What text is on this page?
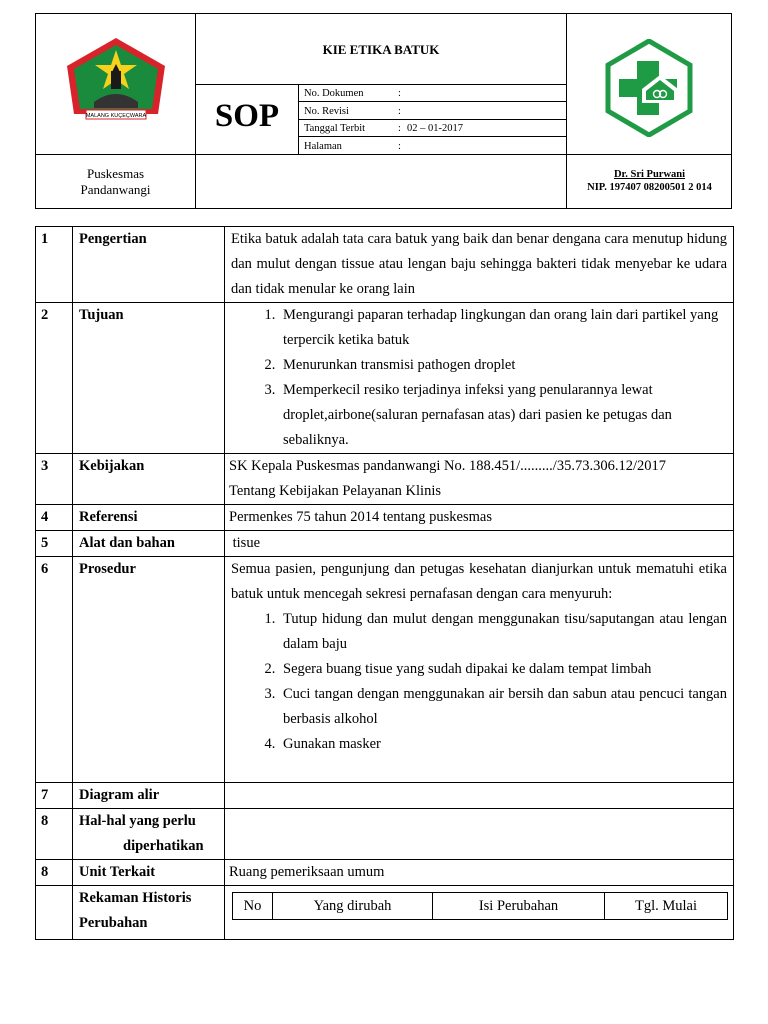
MALANG KUÇEÇWARA
KIE ETIKA BATUK
SOP
No. Dokumen	:
No. Revisi	:
Tanggal Terbit	: 02 – 01-2017
Halaman	:
Puskesmas
Pandanwangi
Dr. Sri Purwani
NIP. 197407 08200501 2 014
1	Pengertian	Etika batuk adalah tata cara batuk yang baik dan benar dengana cara menutup hidung dan mulut dengan tissue atau lengan baju sehingga bakteri tidak menyebar ke udara dan tidak menular ke orang lain
2	Tujuan	
1.Mengurangi paparan terhadap lingkungan dan orang lain dari partikel yang terpercik ketika batuk
2. Menurunkan transmisi pathogen droplet
3. Memperkecil resiko terjadinya infeksi yang penularannya lewat droplet,airbone(saluran pernafasan atas) dari pasien ke petugas dan sebaliknya.

3	Kebijakan	SK Kepala Puskesmas pandanwangi No. 188.451/........./35.73.306.12/2017
Tentang Kebijakan Pelayanan Klinis

4	Referensi	Permenkes 75 tahun 2014 tentang puskesmas
5	Alat dan bahan	tisue
6	Prosedur	Semua pasien, pengunjung dan petugas kesehatan dianjurkan untuk mematuhi etika batuk untuk mencegah sekresi pernafasan dengan cara menyuruh:
1. Tutup hidung dan mulut dengan menggunakan tisu/saputangan atau lengan dalam baju
2. Segera buang tisue yang sudah dipakai ke dalam tempat limbah
3. Cuci tangan dengan menggunakan air bersih dan sabun atau pencuci tangan berbasis alkohol
4. Gunakan masker

7	Diagram alir	
8	Hal-hal yang perlu
diperhatikan

8	Unit Terkait	Ruang pemeriksaan umum

Rekaman Historis
Perubahan

No	Yang dirubah	Isi Perubahan	Tgl. Mulai
